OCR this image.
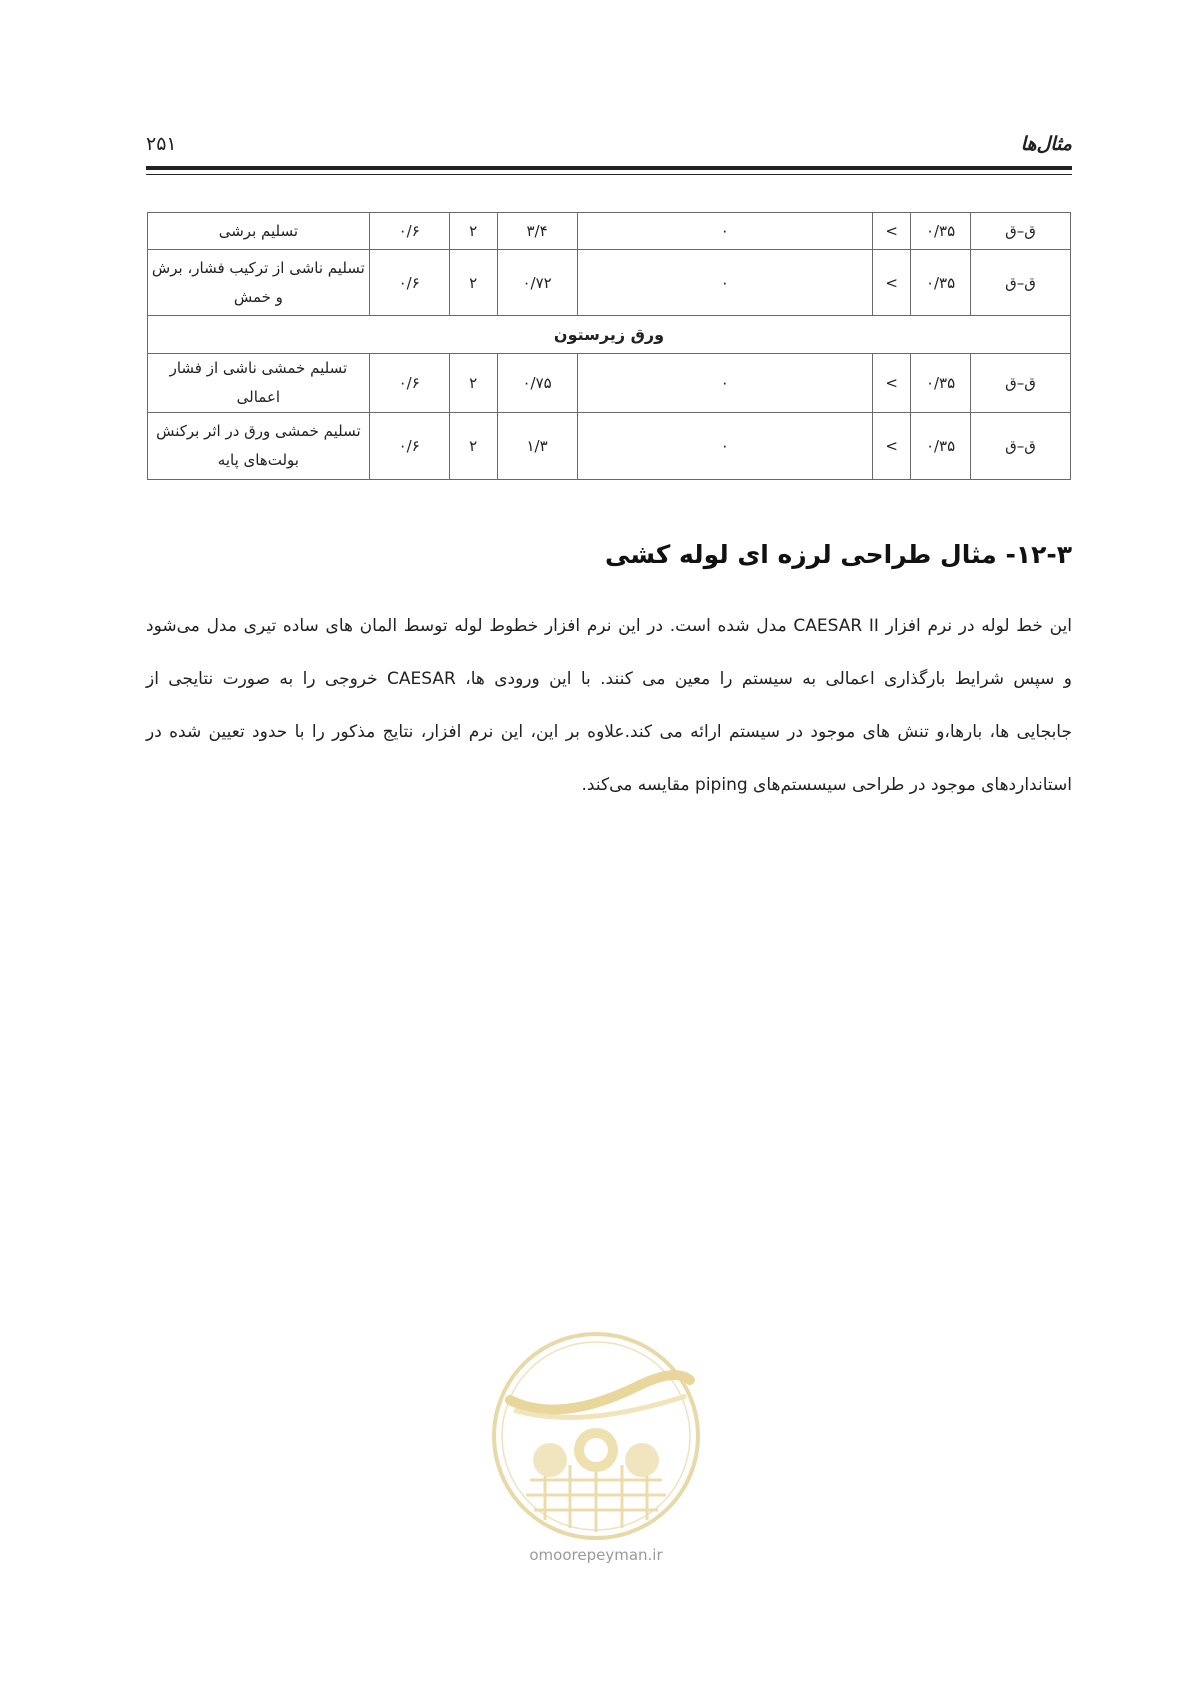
۲۵۱	مثال‌ها
تسلیم برشی	۰/۶	۲	۳/۴	۰	<	۰/۳۵	ق–ق
تسلیم ناشی از ترکیب فشار، برش و خمش	۰/۶	۲	۰/۷۲	۰	<	۰/۳۵	ق–ق
ورق زیرستون							
تسلیم خمشی ناشی از فشار اعمالی	۰/۶	۲	۰/۷۵	۰	<	۰/۳۵	ق–ق
تسلیم خمشی ورق در اثر برکنش بولت‌های پایه	۰/۶	۲	۱/۳	۰	<	۰/۳۵	ق–ق
۱۲-۳- مثال طراحی لرزه ای لوله کشی

این خط لوله در نرم افزار CAESAR II مدل شده است. در این نرم افزار خطوط لوله توسط المان های ساده تیری مدل می‌شود
و سپس شرایط بارگذاری اعمالی به سیستم را معین می کنند. با این ورودی ها، CAESAR خروجی را به صورت نتایجی از
جابجایی ها، بارها،و تنش های موجود در سیستم ارائه می کند.علاوه بر این، این نرم افزار، نتایج مذکور را با حدود تعیین شده در
استانداردهای موجود در طراحی سیسستم‌های piping مقایسه می‌کند.

omoorepeyman.ir
